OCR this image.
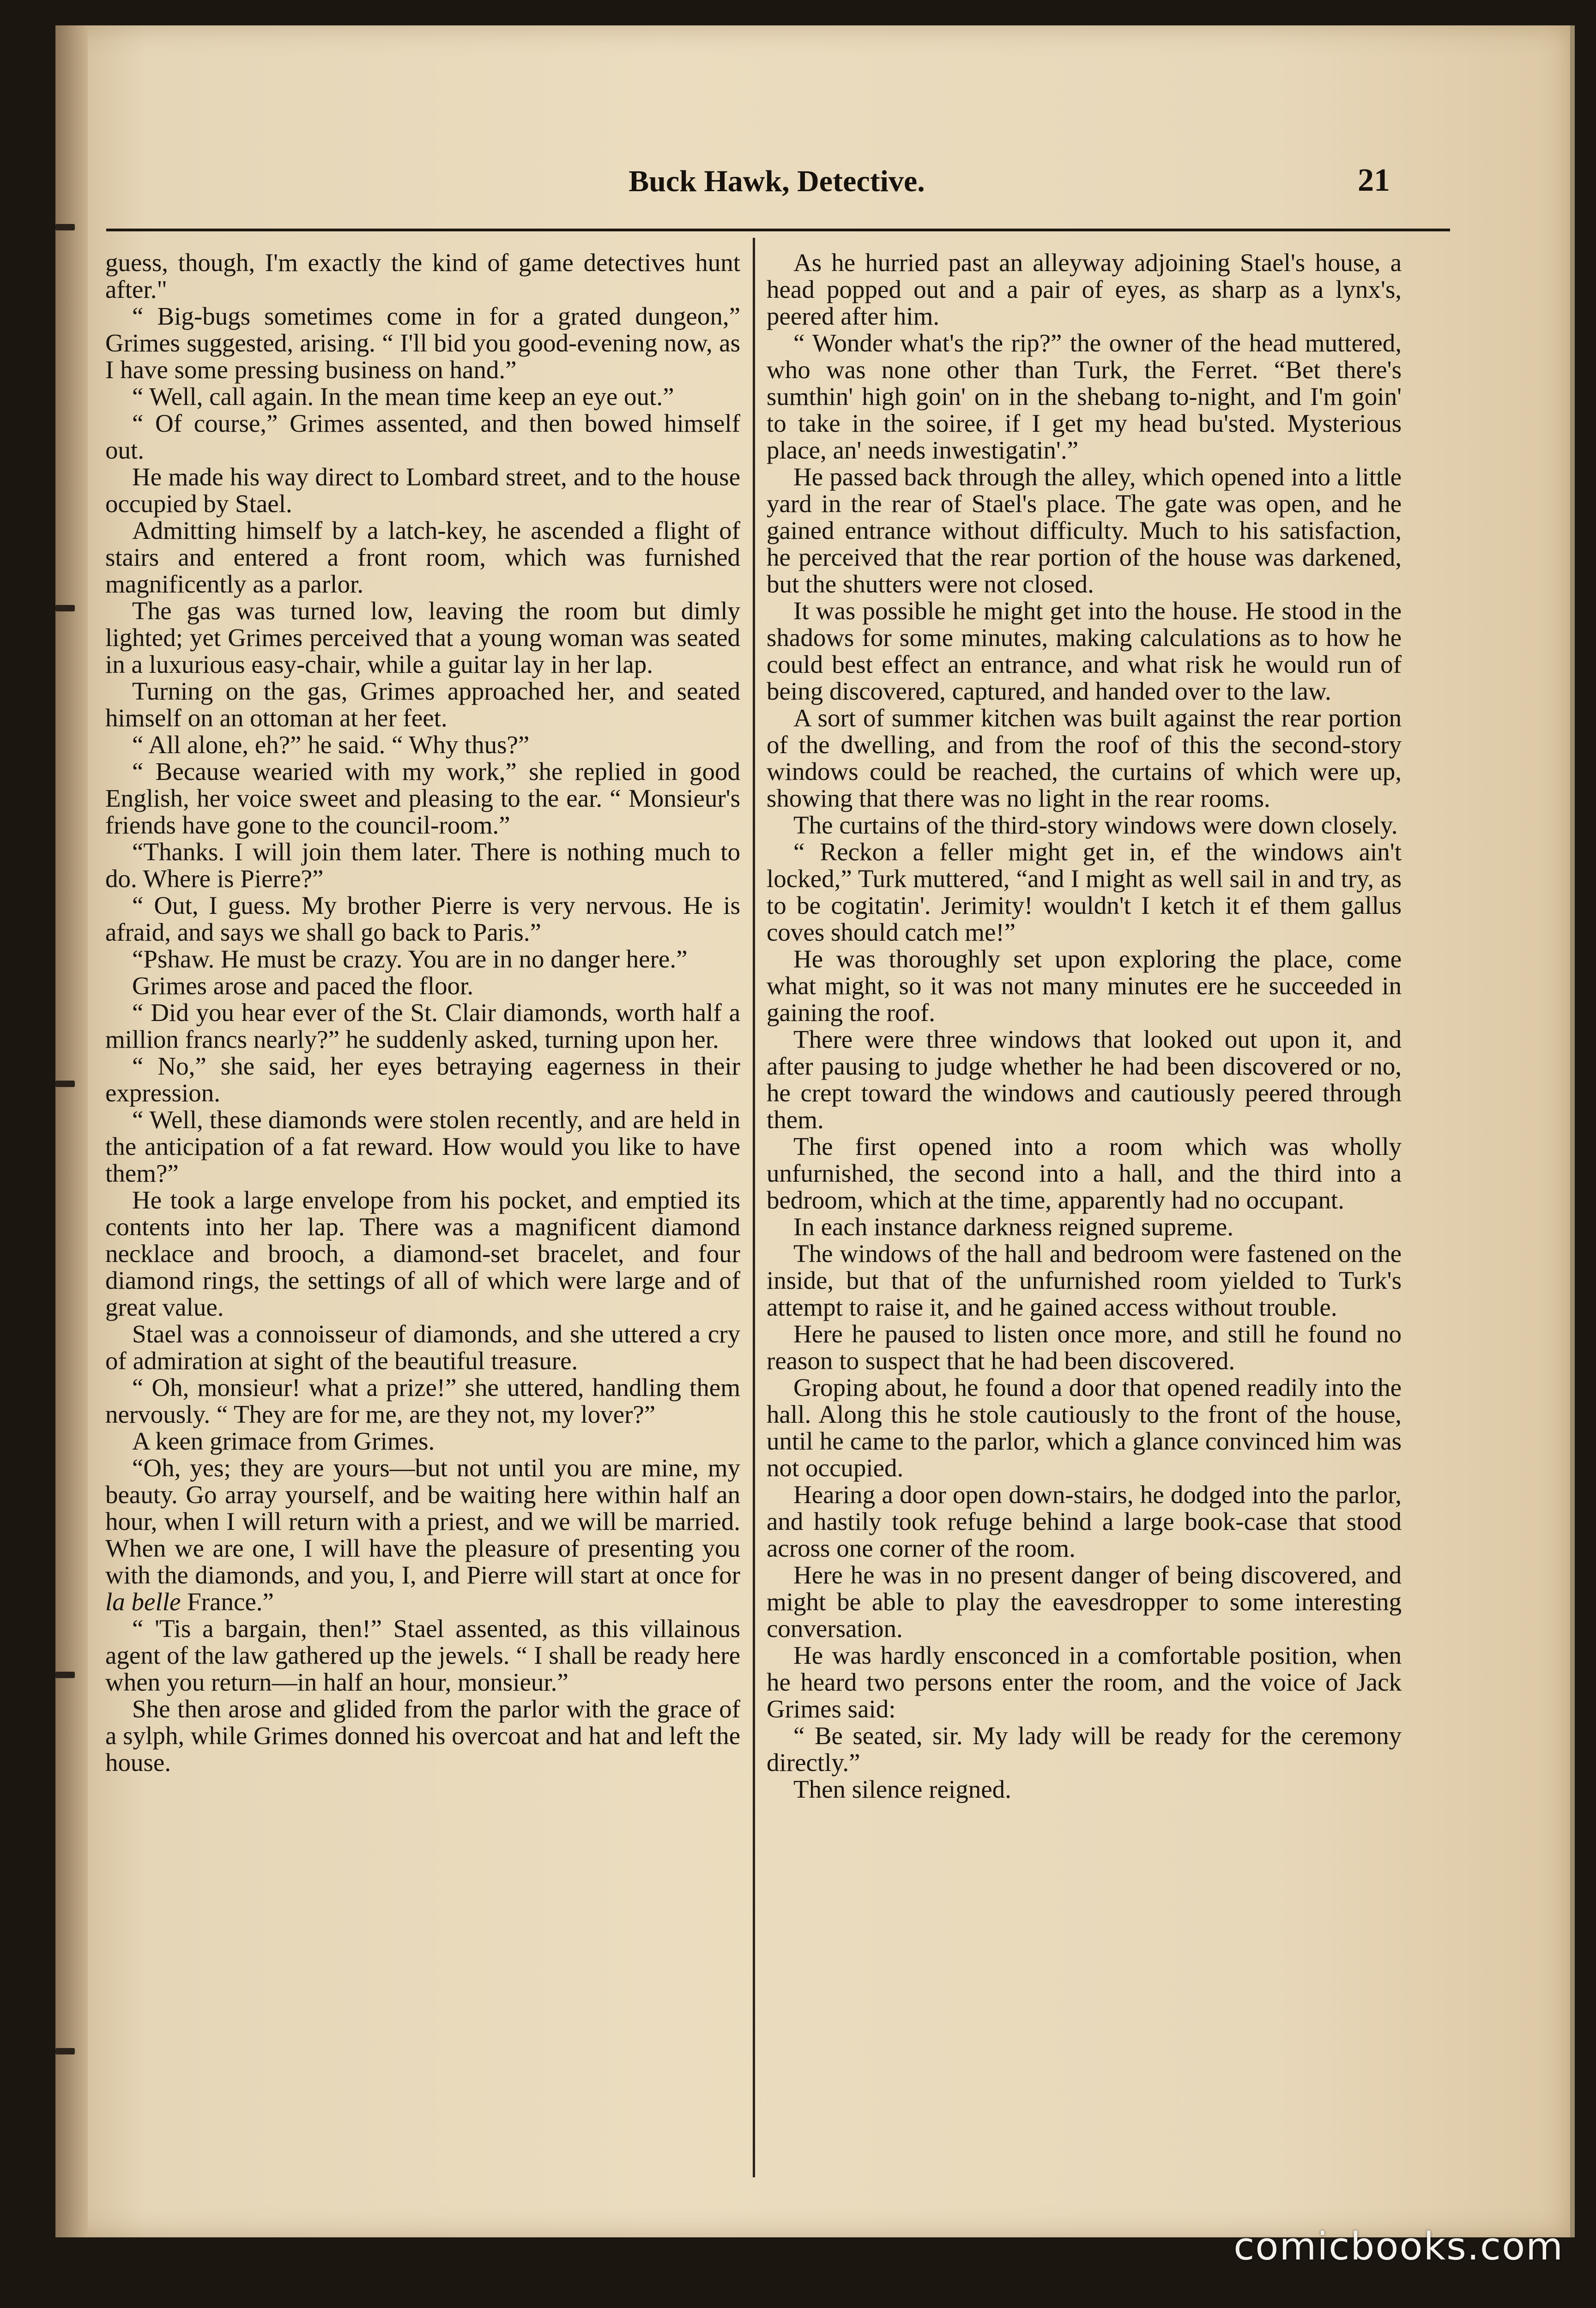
Buck Hawk, Detective.	21

guess, though, I'm exactly the kind of game detectives hunt after."

“ Big-bugs sometimes come in for a grated dungeon,” Grimes suggested, arising. “ I'll bid you good-evening now, as I have some pressing business on hand.”

“ Well, call again. In the mean time keep an eye out.”

“ Of course,” Grimes assented, and then bowed himself out.

He made his way direct to Lombard street, and to the house occupied by Stael.

Admitting himself by a latch-key, he ascended a flight of stairs and entered a front room, which was furnished magnificently as a parlor.

The gas was turned low, leaving the room but dimly lighted; yet Grimes perceived that a young woman was seated in a luxurious easy-chair, while a guitar lay in her lap.

Turning on the gas, Grimes approached her, and seated himself on an ottoman at her feet.

“ All alone, eh?” he said. “ Why thus?”

“ Because wearied with my work,” she replied in good English, her voice sweet and pleasing to the ear. “ Monsieur's friends have gone to the council-room.”

“Thanks. I will join them later. There is nothing much to do. Where is Pierre?”

“ Out, I guess. My brother Pierre is very nervous. He is afraid, and says we shall go back to Paris.”

“Pshaw. He must be crazy. You are in no danger here.”

Grimes arose and paced the floor.

“ Did you hear ever of the St. Clair diamonds, worth half a million francs nearly?” he suddenly asked, turning upon her.

“ No,” she said, her eyes betraying eagerness in their expression.

“ Well, these diamonds were stolen recently, and are held in the anticipation of a fat reward. How would you like to have them?”

He took a large envelope from his pocket, and emptied its contents into her lap. There was a magnificent diamond necklace and brooch, a diamond-set bracelet, and four diamond rings, the settings of all of which were large and of great value.

Stael was a connoisseur of diamonds, and she uttered a cry of admiration at sight of the beautiful treasure.

“ Oh, monsieur! what a prize!” she uttered, handling them nervously. “ They are for me, are they not, my lover?”

A keen grimace from Grimes.

“Oh, yes; they are yours—but not until you are mine, my beauty. Go array yourself, and be waiting here within half an hour, when I will return with a priest, and we will be married. When we are one, I will have the pleasure of presenting you with the diamonds, and you, I, and Pierre will start at once for la belle France.”

“ 'Tis a bargain, then!” Stael assented, as this villainous agent of the law gathered up the jewels. “ I shall be ready here when you return—in half an hour, monsieur.”

She then arose and glided from the parlor with the grace of a sylph, while Grimes donned his overcoat and hat and left the house.

As he hurried past an alleyway adjoining Stael's house, a head popped out and a pair of eyes, as sharp as a lynx's, peered after him.

“ Wonder what's the rip?” the owner of the head muttered, who was none other than Turk, the Ferret. “Bet there's sumthin' high goin' on in the shebang to-night, and I'm goin' to take in the soiree, if I get my head bu'sted. Mysterious place, an' needs inwestigatin'.”

He passed back through the alley, which opened into a little yard in the rear of Stael's place. The gate was open, and he gained entrance without difficulty. Much to his satisfaction, he perceived that the rear portion of the house was darkened, but the shutters were not closed.

It was possible he might get into the house. He stood in the shadows for some minutes, making calculations as to how he could best effect an entrance, and what risk he would run of being discovered, captured, and handed over to the law.

A sort of summer kitchen was built against the rear portion of the dwelling, and from the roof of this the second-story windows could be reached, the curtains of which were up, showing that there was no light in the rear rooms.

The curtains of the third-story windows were down closely.

“ Reckon a feller might get in, ef the windows ain't locked,” Turk muttered, “and I might as well sail in and try, as to be cogitatin'. Jerimity! wouldn't I ketch it ef them gallus coves should catch me!”

He was thoroughly set upon exploring the place, come what might, so it was not many minutes ere he succeeded in gaining the roof.

There were three windows that looked out upon it, and after pausing to judge whether he had been discovered or no, he crept toward the windows and cautiously peered through them.

The first opened into a room which was wholly unfurnished, the second into a hall, and the third into a bedroom, which at the time, apparently had no occupant.

In each instance darkness reigned supreme.

The windows of the hall and bedroom were fastened on the inside, but that of the unfurnished room yielded to Turk's attempt to raise it, and he gained access without trouble.

Here he paused to listen once more, and still he found no reason to suspect that he had been discovered.

Groping about, he found a door that opened readily into the hall. Along this he stole cautiously to the front of the house, until he came to the parlor, which a glance convinced him was not occupied.

Hearing a door open down-stairs, he dodged into the parlor, and hastily took refuge behind a large book-case that stood across one corner of the room.

Here he was in no present danger of being discovered, and might be able to play the eavesdropper to some interesting conversation.

He was hardly ensconced in a comfortable position, when he heard two persons enter the room, and the voice of Jack Grimes said:

“ Be seated, sir. My lady will be ready for the ceremony directly.”

Then silence reigned.

comicbooks.com
